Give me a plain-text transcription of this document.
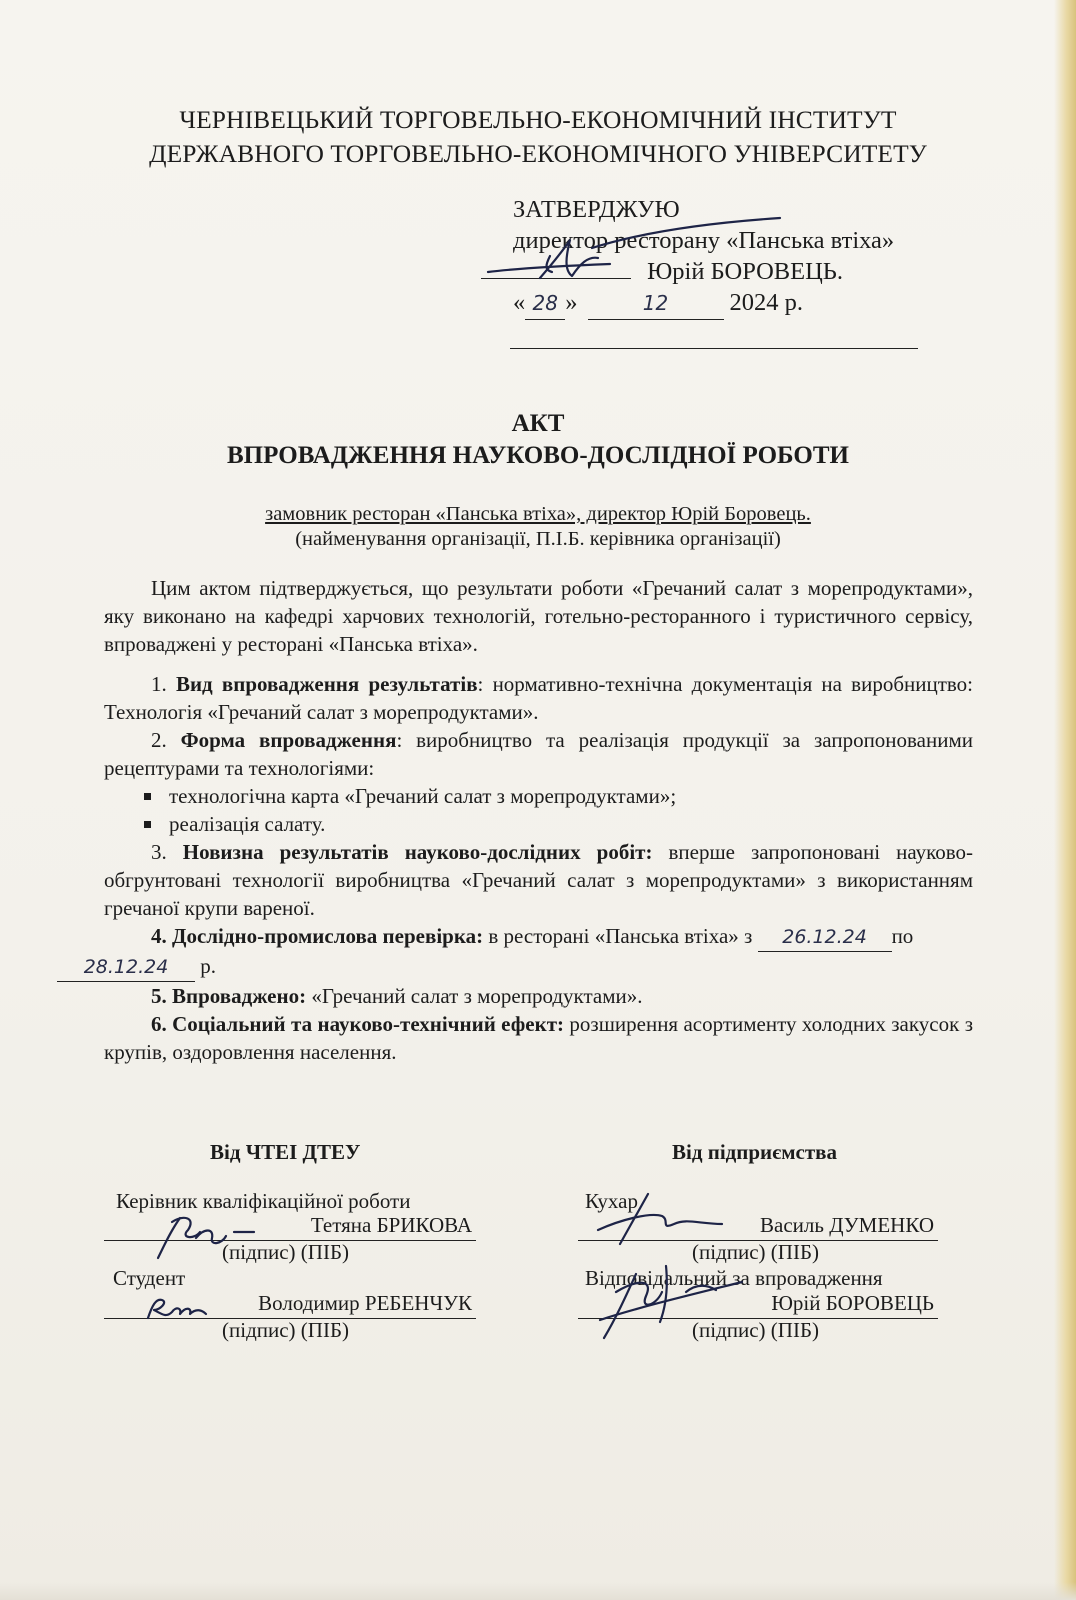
ЧЕРНІВЕЦЬКИЙ ТОРГОВЕЛЬНО-ЕКОНОМІЧНИЙ ІНСТИТУТ
ДЕРЖАВНОГО ТОРГОВЕЛЬНО-ЕКОНОМІЧНОГО УНІВЕРСИТЕТУ
ЗАТВЕРДЖУЮ
директор ресторану «Панська втіха»
Юрій БОРОВЕЦЬ.
« 28 »	12	2024 р.
АКТ
ВПРОВАДЖЕННЯ НАУКОВО-ДОСЛІДНОЇ РОБОТИ
замовник ресторан «Панська втіха», директор Юрій Боровець.
(найменування організації, П.І.Б. керівника організації)

Цим актом підтверджується, що результати роботи «Гречаний салат з морепродуктами», яку виконано на кафедрі харчових технологій, готельно-ресторанного і туристичного сервісу, впроваджені у ресторані «Панська втіха».

1. Вид впровадження результатів: нормативно-технічна документація на виробництво: Технологія «Гречаний салат з морепродуктами».

2. Форма впровадження: виробництво та реалізація продукції за запропонованими рецептурами та технологіями:

технологічна карта «Гречаний салат з морепродуктами»;
реалізація салату.

3. Новизна результатів науково-дослідних робіт: вперше запропоновані науково-обгрунтовані технології виробництва «Гречаний салат з морепродуктами» з використанням гречаної крупи вареної.

4. Дослідно-промислова перевірка: в ресторані «Панська втіха» з 26.12.24 по
28.12.24 р.

5. Впроваджено: «Гречаний салат з морепродуктами».

6. Соціальний та науково-технічний ефект: розширення асортименту холодних закусок з крупів, оздоровлення населення.

Від ЧТЕІ ДТЕУ
Керівник кваліфікаційної роботи
Тетяна БРИКОВА
(підпис) (ПІБ)
Студент
Володимир РЕБЕНЧУК
(підпис) (ПІБ)
Від підприємства
Кухар
Василь ДУМЕНКО
(підпис) (ПІБ)
Відповідальний за впровадження
Юрій БОРОВЕЦЬ
(підпис) (ПІБ)
